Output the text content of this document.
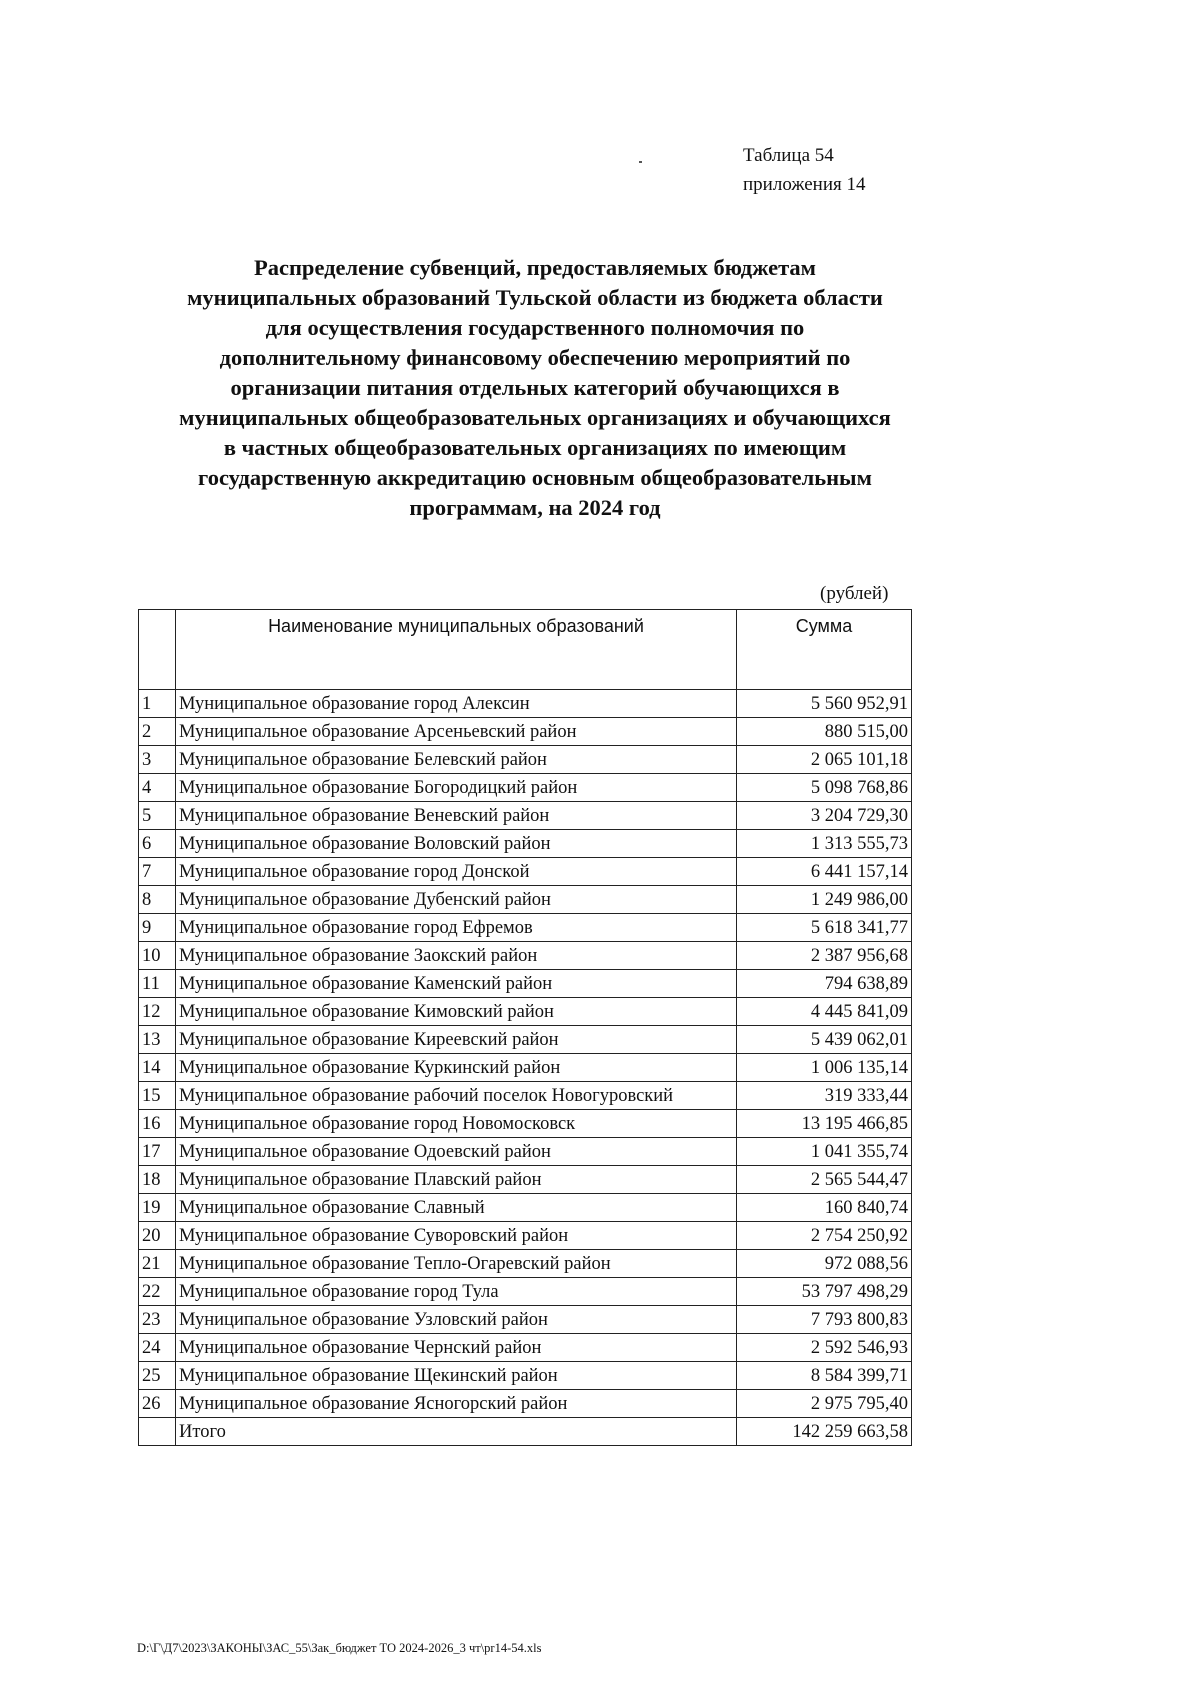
Таблица 54
приложения 14
Распределение субвенций, предоставляемых бюджетам
муниципальных образований Тульской области из бюджета области
для осуществления государственного полномочия по
дополнительному финансовому обеспечению мероприятий по
организации питания отдельных категорий обучающихся в
муниципальных общеобразовательных организациях и обучающихся
в частных общеобразовательных организациях по имеющим
государственную аккредитацию основным общеобразовательным
программам, на 2024 год
(рублей)
	Наименование муниципальных образований	Сумма
1	Муниципальное образование город Алексин	5 560 952,91
2	Муниципальное образование Арсеньевский район	880 515,00
3	Муниципальное образование Белевский район	2 065 101,18
4	Муниципальное образование Богородицкий район	5 098 768,86
5	Муниципальное образование Веневский район	3 204 729,30
6	Муниципальное образование Воловский район	1 313 555,73
7	Муниципальное образование город Донской	6 441 157,14
8	Муниципальное образование Дубенский район	1 249 986,00
9	Муниципальное образование город Ефремов	5 618 341,77
10	Муниципальное образование Заокский район	2 387 956,68
11	Муниципальное образование Каменский район	794 638,89
12	Муниципальное образование Кимовский район	4 445 841,09
13	Муниципальное образование Киреевский район	5 439 062,01
14	Муниципальное образование Куркинский район	1 006 135,14
15	Муниципальное образование рабочий поселок Новогуровский	319 333,44
16	Муниципальное образование город Новомосковск	13 195 466,85
17	Муниципальное образование Одоевский район	1 041 355,74
18	Муниципальное образование Плавский район	2 565 544,47
19	Муниципальное образование Славный	160 840,74
20	Муниципальное образование Суворовский район	2 754 250,92
21	Муниципальное образование Тепло-Огаревский район	972 088,56
22	Муниципальное образование город Тула	53 797 498,29
23	Муниципальное образование Узловский район	7 793 800,83
24	Муниципальное образование Чернский район	2 592 546,93
25	Муниципальное образование Щекинский район	8 584 399,71
26	Муниципальное образование Ясногорский район	2 975 795,40
	Итого	142 259 663,58
D:\Г\Д7\2023\ЗАКОНЫ\ЗАС_55\Зак_бюджет ТО 2024-2026_3 чт\pr14-54.xls
